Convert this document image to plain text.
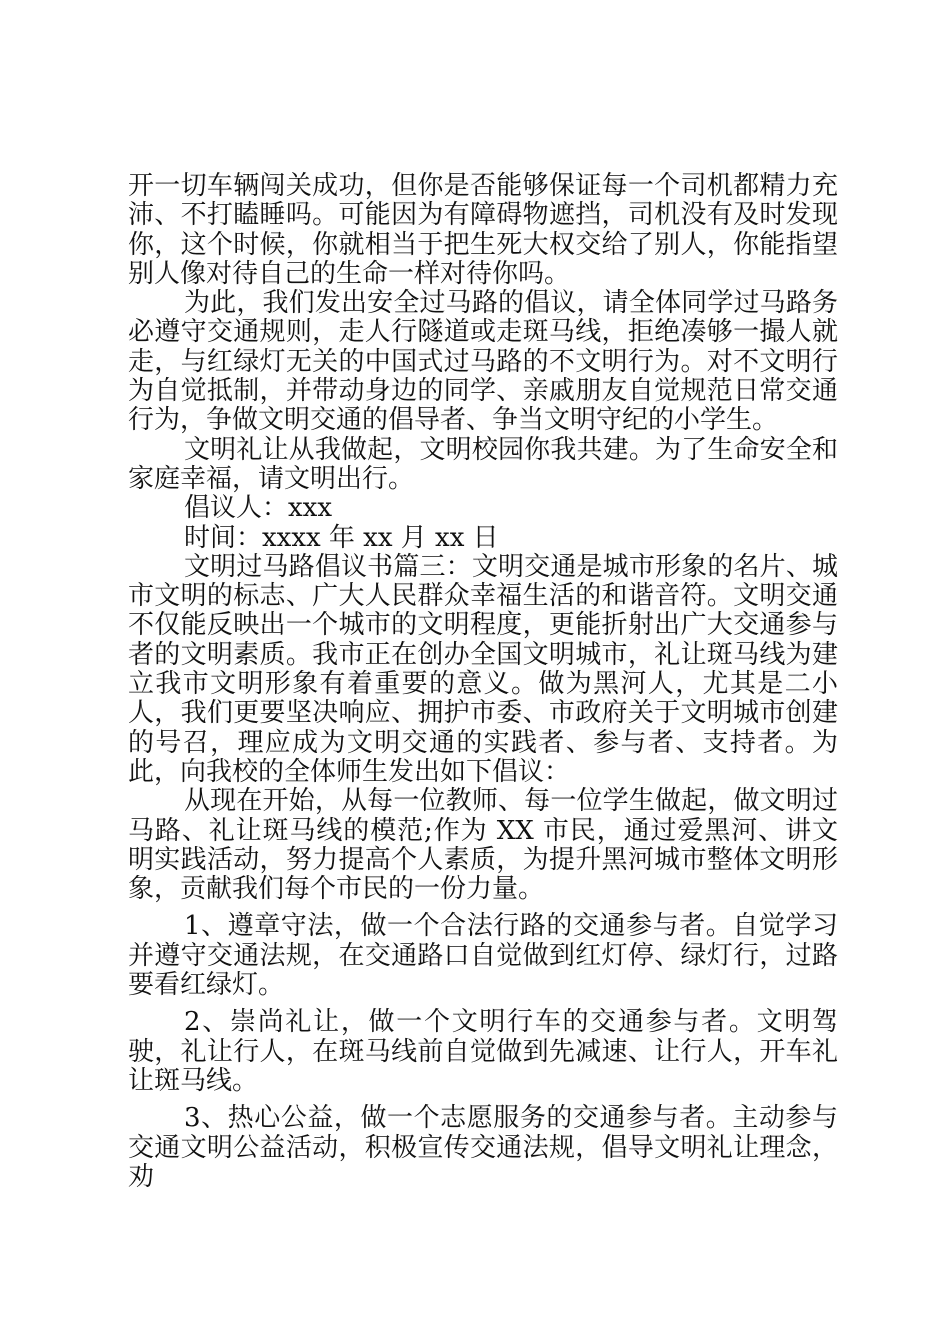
开一切车辆闯关成功，但你是否能够保证每一个司机都精力充沛、不打瞌睡吗。可能因为有障碍物遮挡，司机没有及时发现你，这个时候，你就相当于把生死大权交给了别人，你能指望别人像对待自己的生命一样对待你吗。

为此，我们发出安全过马路的倡议，请全体同学过马路务必遵守交通规则，走人行隧道或走斑马线，拒绝凑够一撮人就走，与红绿灯无关的中国式过马路的不文明行为。对不文明行为自觉抵制，并带动身边的同学、亲戚朋友自觉规范日常交通行为，争做文明交通的倡导者、争当文明守纪的小学生。

文明礼让从我做起，文明校园你我共建。为了生命安全和家庭幸福，请文明出行。

倡议人：xxx

时间：xxxx 年 xx 月 xx 日

文明过马路倡议书篇三：文明交通是城市形象的名片、城市文明的标志、广大人民群众幸福生活的和谐音符。文明交通不仅能反映出一个城市的文明程度，更能折射出广大交通参与者的文明素质。我市正在创办全国文明城市，礼让斑马线为建立我市文明形象有着重要的意义。做为黑河人，尤其是二小人，我们更要坚决响应、拥护市委、市政府关于文明城市创建的号召，理应成为文明交通的实践者、参与者、支持者。为此，向我校的全体师生发出如下倡议：

从现在开始，从每一位教师、每一位学生做起，做文明过马路、礼让斑马线的模范;作为 XX 市民，通过爱黑河、讲文明实践活动，努力提高个人素质，为提升黑河城市整体文明形象，贡献我们每个市民的一份力量。

1、遵章守法，做一个合法行路的交通参与者。自觉学习并遵守交通法规，在交通路口自觉做到红灯停、绿灯行，过路要看红绿灯。

2、崇尚礼让，做一个文明行车的交通参与者。文明驾驶，礼让行人，在斑马线前自觉做到先减速、让行人，开车礼让斑马线。

3、热心公益，做一个志愿服务的交通参与者。主动参与交通文明公益活动，积极宣传交通法规，倡导文明礼让理念，劝
